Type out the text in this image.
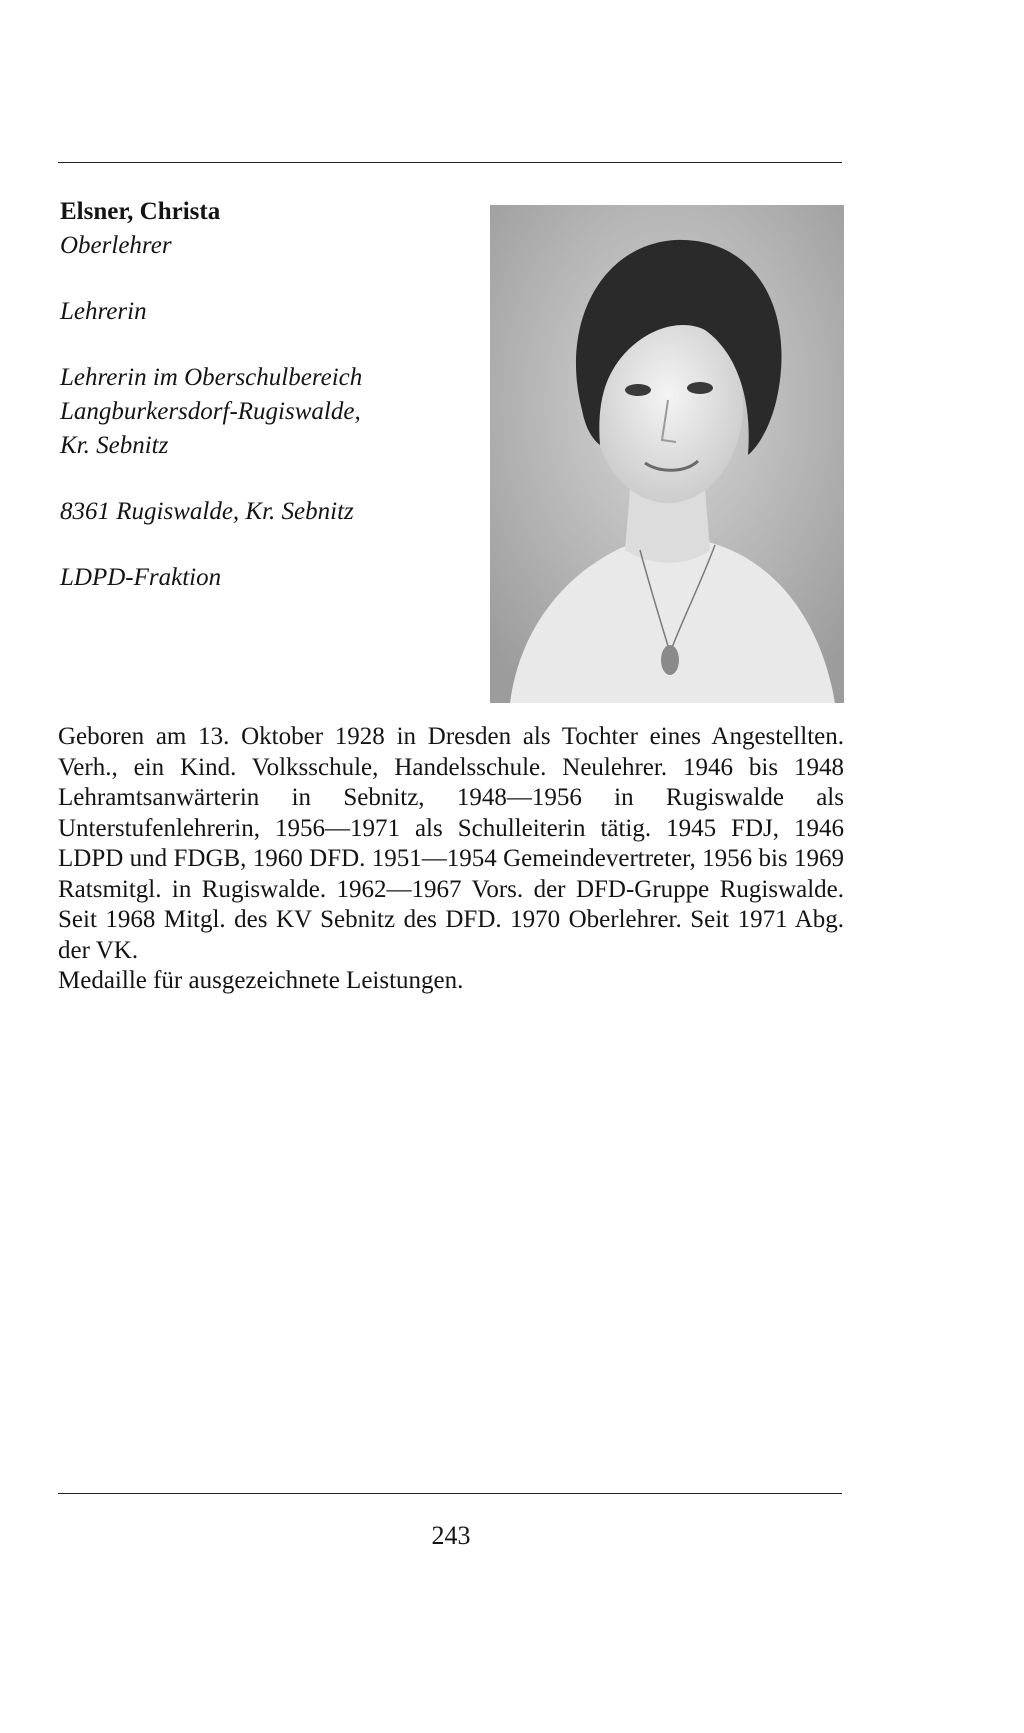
Elsner, Christa

Oberlehrer

Lehrerin

Lehrerin im Oberschulbereich

Langburkersdorf-Rugiswalde,

Kr. Sebnitz

8361 Rugiswalde, Kr. Sebnitz

LDPD-Fraktion

Geboren am 13. Oktober 1928 in Dresden als Tochter eines Angestellten. Verh., ein Kind. Volksschule, Handelsschule. Neulehrer. 1946 bis 1948 Lehramtsanwärterin in Sebnitz, 1948—1956 in Rugiswalde als Unterstufenlehrerin, 1956—1971 als Schulleiterin tätig. 1945 FDJ, 1946 LDPD und FDGB, 1960 DFD. 1951—1954 Gemeindevertreter, 1956 bis 1969 Ratsmitgl. in Rugiswalde. 1962—1967 Vors. der DFD-Gruppe Rugiswalde. Seit 1968 Mitgl. des KV Sebnitz des DFD. 1970 Oberlehrer. Seit 1971 Abg. der VK.

Medaille für ausgezeichnete Leistungen.

243
